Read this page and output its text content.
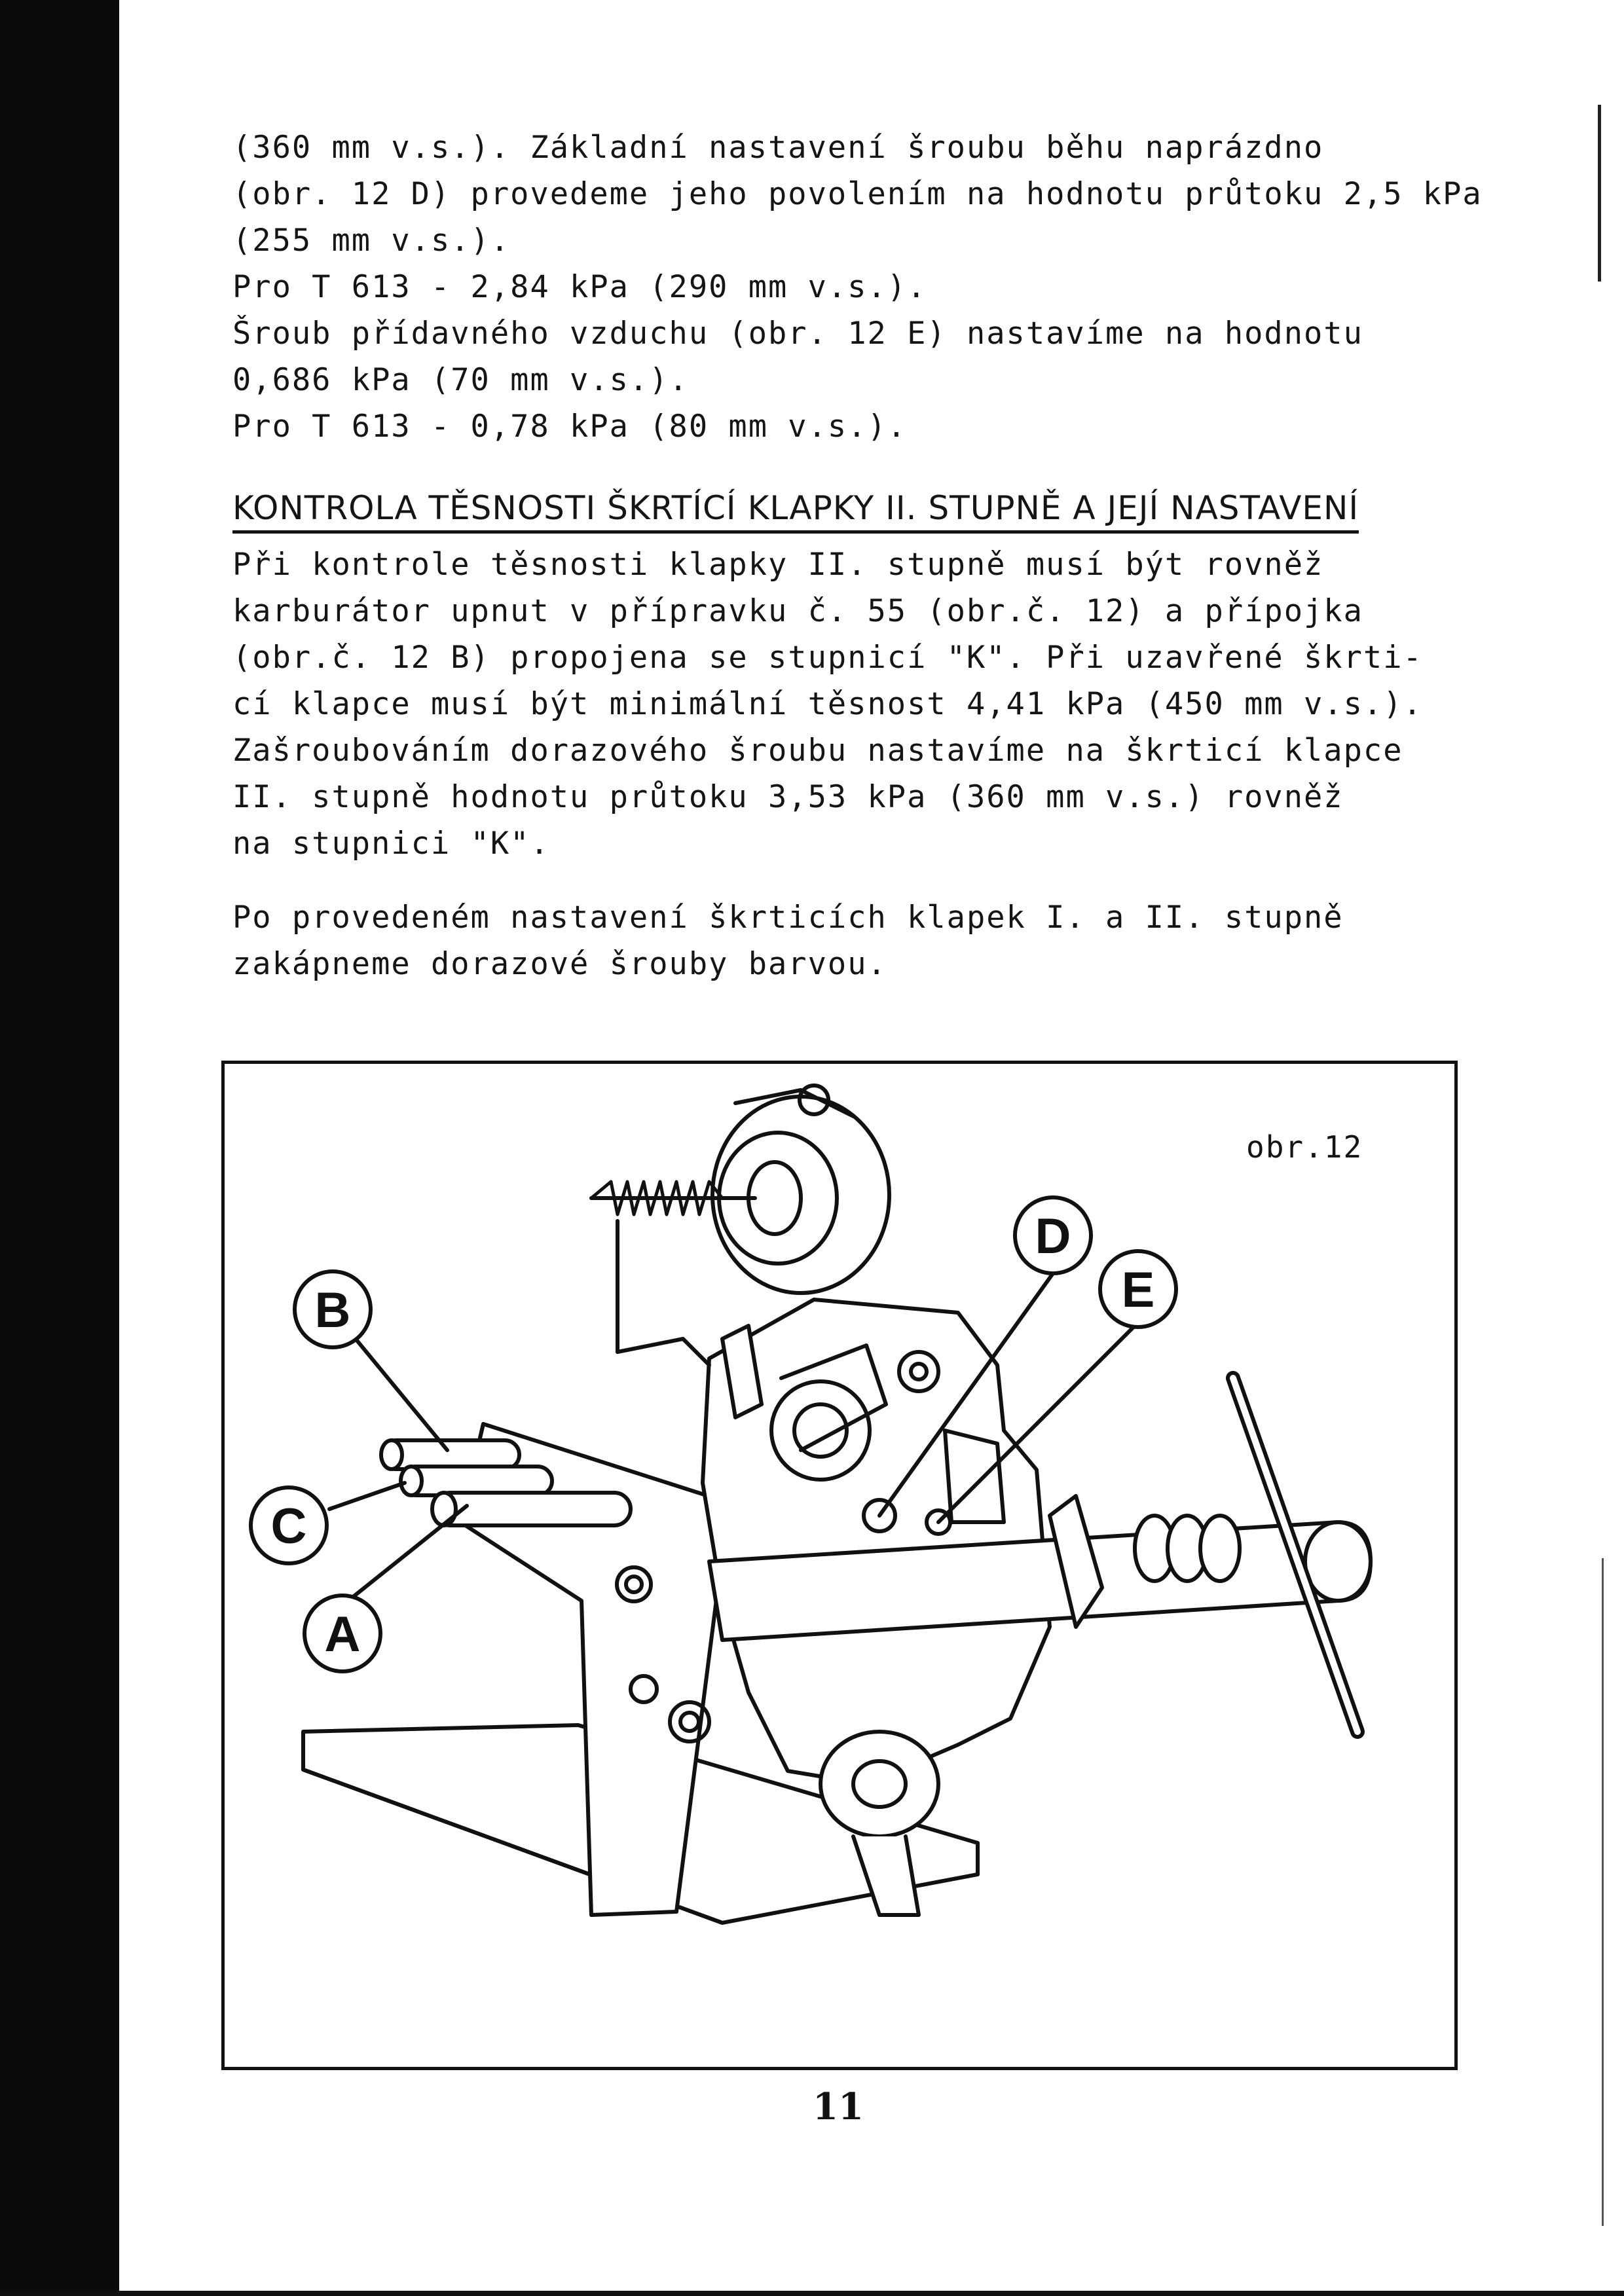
(360 mm v.s.). Základní nastavení šroubu běhu naprázdno
(obr. 12 D) provedeme jeho povolením na hodnotu průtoku 2,5 kPa
(255 mm v.s.).
Pro T 613 - 2,84 kPa (290 mm v.s.).
Šroub přídavného vzduchu (obr. 12 E) nastavíme na hodnotu
0,686 kPa (70 mm v.s.).
Pro T 613 - 0,78 kPa (80 mm v.s.).
KONTROLA TĚSNOSTI ŠKRTÍCÍ KLAPKY II. STUPNĚ A JEJÍ NASTAVENÍ
Při kontrole těsnosti klapky II. stupně musí být rovněž
karburátor upnut v přípravku č. 55 (obr.č. 12) a přípojka
(obr.č. 12 B) propojena se stupnicí "K". Při uzavřené škrti-
cí klapce musí být minimální těsnost 4,41 kPa (450 mm v.s.).
Zašroubováním dorazového šroubu nastavíme na škrticí klapce
II. stupně hodnotu průtoku 3,53 kPa (360 mm v.s.) rovněž
na stupnici "K".
Po provedeném nastavení škrticích klapek I. a II. stupně
zakápneme dorazové šrouby barvou.
obr.12
B
C
A
D
E
11
